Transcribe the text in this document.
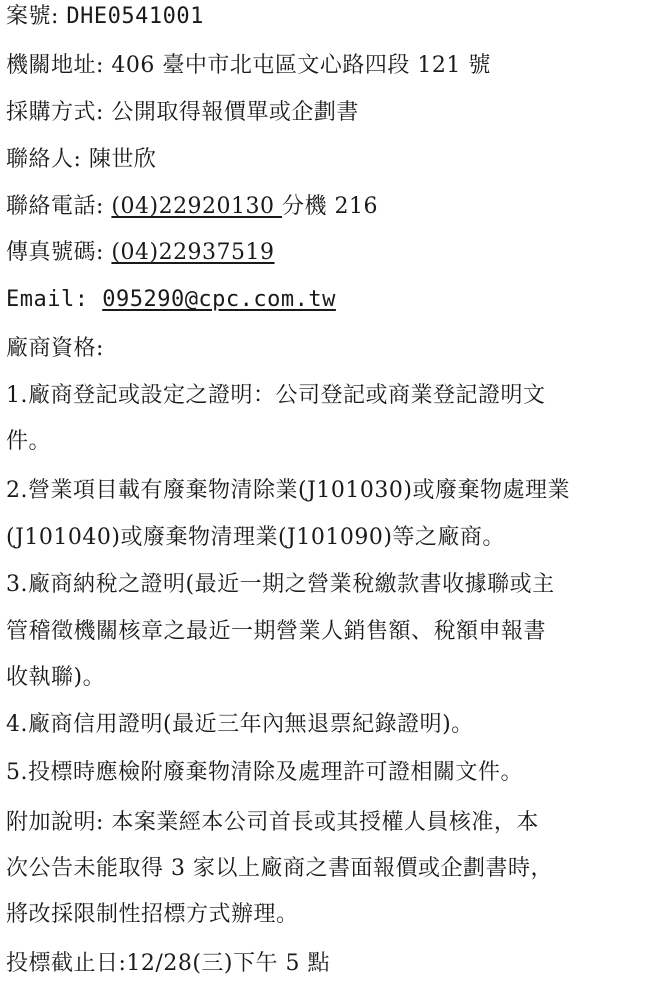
案號: DHE0541001
機關地址: 406 臺中市北屯區文心路四段 121 號
採購方式: 公開取得報價單或企劃書
聯絡人: 陳世欣
聯絡電話: (04)22920130 分機 216
傳真號碼: (04)22937519
Email: 095290@cpc.com.tw
廠商資格:
1.廠商登記或設定之證明：公司登記或商業登記證明文
件。
2.營業項目載有廢棄物清除業(J101030)或廢棄物處理業
(J101040)或廢棄物清理業(J101090)等之廠商。
3.廠商納稅之證明(最近一期之營業稅繳款書收據聯或主
管稽徵機關核章之最近一期營業人銷售額、稅額申報書
收執聯)。
4.廠商信用證明(最近三年內無退票紀錄證明)。
5.投標時應檢附廢棄物清除及處理許可證相關文件。
附加說明: 本案業經本公司首長或其授權人員核准，本
次公告未能取得 3 家以上廠商之書面報價或企劃書時，
將改採限制性招標方式辦理。
投標截止日:12/28(三)下午 5 點
